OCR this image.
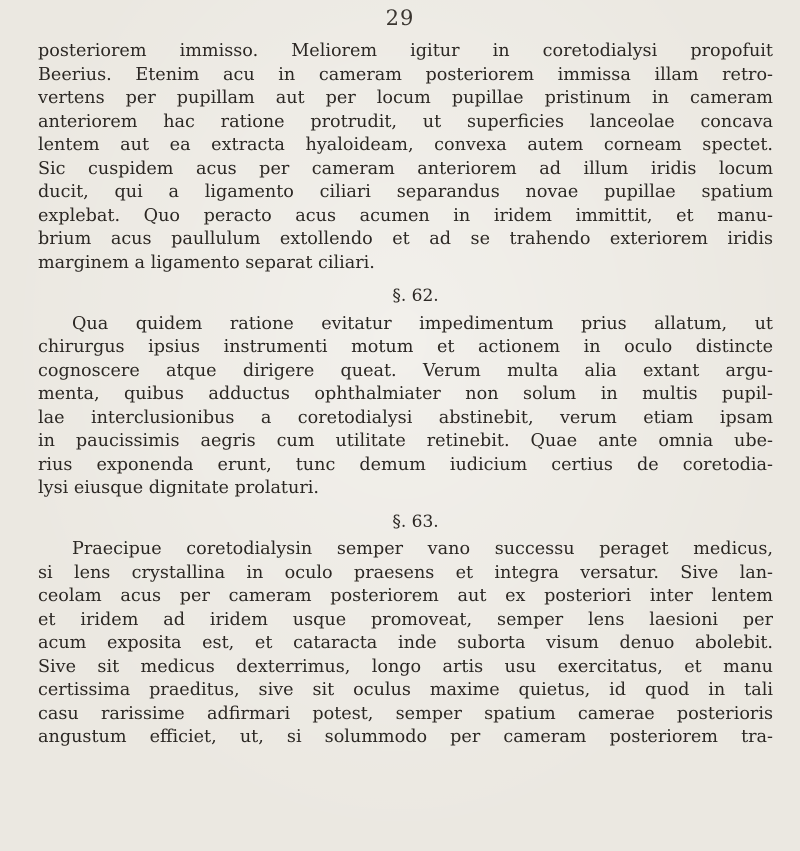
29
posteriorem immisso. Meliorem igitur in coretodialysi propofuit
Beerius. Etenim acu in cameram posteriorem immissa illam retro-
vertens per pupillam aut per locum pupillae pristinum in cameram
anteriorem hac ratione protrudit, ut superficies lanceolae concava
lentem aut ea extracta hyaloideam, convexa autem corneam spectet.
Sic cuspidem acus per cameram anteriorem ad illum iridis locum
ducit, qui a ligamento ciliari separandus novae pupillae spatium
explebat. Quo peracto acus acumen in iridem immittit, et manu-
brium acus paullulum extollendo et ad se trahendo exteriorem iridis
marginem a ligamento separat ciliari.
§. 62.
Qua quidem ratione evitatur impedimentum prius allatum, ut
chirurgus ipsius instrumenti motum et actionem in oculo distincte
cognoscere atque dirigere queat. Verum multa alia extant argu-
menta, quibus adductus ophthalmiater non solum in multis pupil-
lae interclusionibus a coretodialysi abstinebit, verum etiam ipsam
in paucissimis aegris cum utilitate retinebit. Quae ante omnia ube-
rius exponenda erunt, tunc demum iudicium certius de coretodia-
lysi eiusque dignitate prolaturi.
§. 63.
Praecipue coretodialysin semper vano successu peraget medicus,
si lens crystallina in oculo praesens et integra versatur. Sive lan-
ceolam acus per cameram posteriorem aut ex posteriori inter lentem
et iridem ad iridem usque promoveat, semper lens laesioni per
acum exposita est, et cataracta inde suborta visum denuo abolebit.
Sive sit medicus dexterrimus, longo artis usu exercitatus, et manu
certissima praeditus, sive sit oculus maxime quietus, id quod in tali
casu rarissime adfirmari potest, semper spatium camerae posterioris
angustum efficiet, ut, si solummodo per cameram posteriorem tra-
